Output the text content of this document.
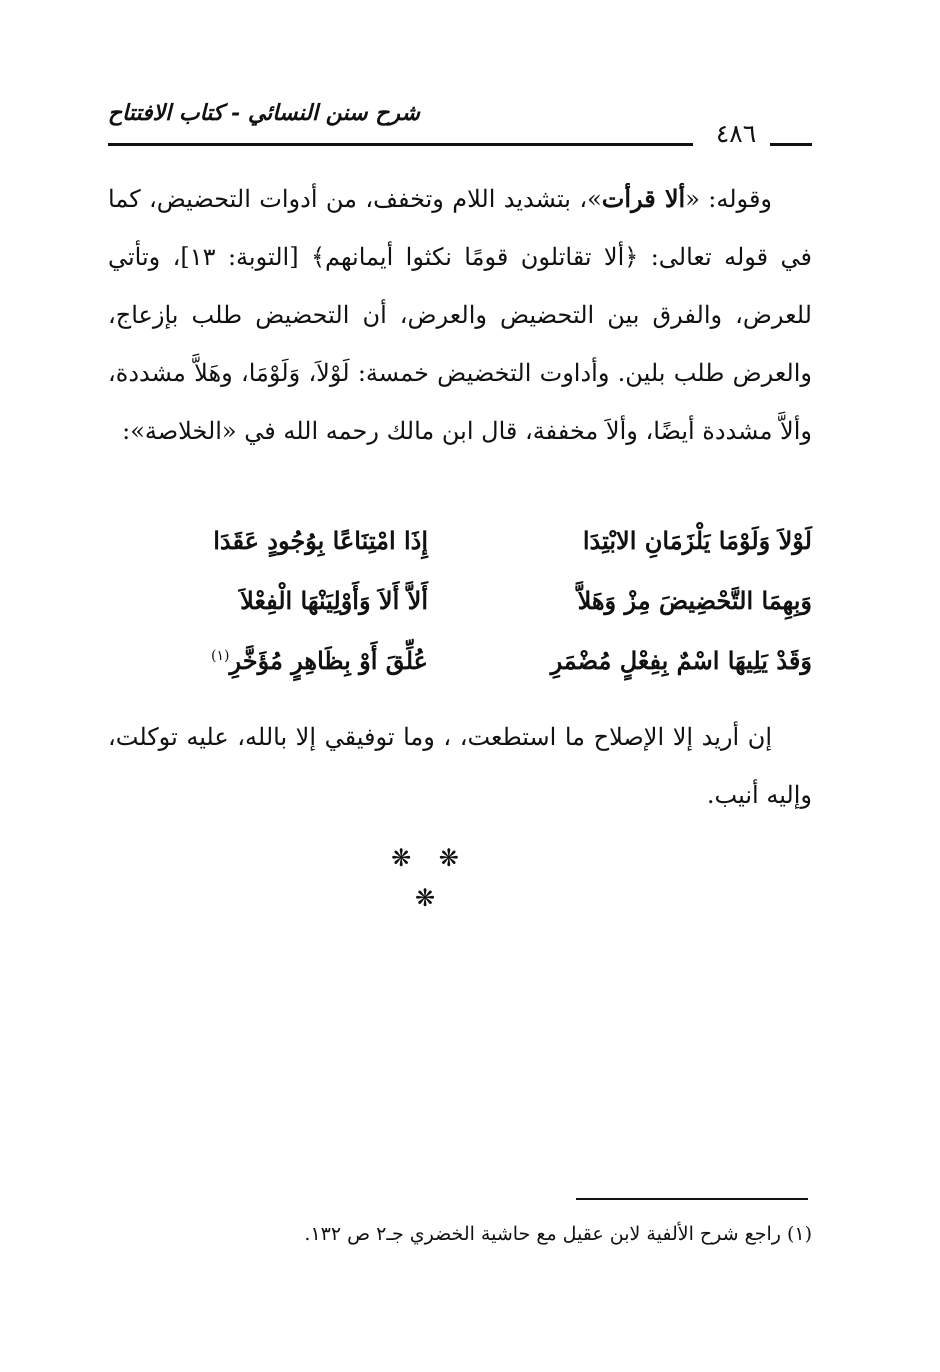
شرح سنن النسائي - كتاب الافتتاح
٤٨٦

وقوله: «ألا قرأت»، بتشديد اللام وتخفف، من أدوات التحضيض، كما في قوله تعالى: ﴿ألا تقاتلون قومًا نكثوا أيمانهم﴾ [التوبة: ١٣]، وتأتي للعرض، والفرق بين التحضيض والعرض، أن التحضيض طلب بإزعاج، والعرض طلب بلين. وأداوت التخضيض خمسة: لَوْلاَ، وَلَوْمَا، وهَلاَّ مشددة، وألاَّ مشددة أيضًا، وألاَ مخففة، قال ابن مالك رحمه الله في «الخلاصة»:

لَوْلاَ وَلَوْمَا يَلْزَمَانِ الابْتِدَا
إِذَا امْتِنَاعًا بِوُجُودٍ عَقَدَا
وَبِهِمَا التَّحْضِيضَ مِزْ وَهَلاَّ
أَلاَّ أَلاَ وَأَوْلِيَنْهَا الْفِعْلاَ
وَقَدْ يَلِيهَا اسْمٌ بِفِعْلٍ مُضْمَرِ
عُلِّقَ أَوْ بِظَاهِرٍ مُؤَخَّرِ$^{(١)}$

إن أريد إلا الإصلاح ما استطعت، ، وما توفيقي إلا بالله، عليه توكلت، وإليه أنيب.

❋ ❋ ❋
(١) راجع شرح الألفية لابن عقيل مع حاشية الخضري جـ٢ ص ١٣٢.
